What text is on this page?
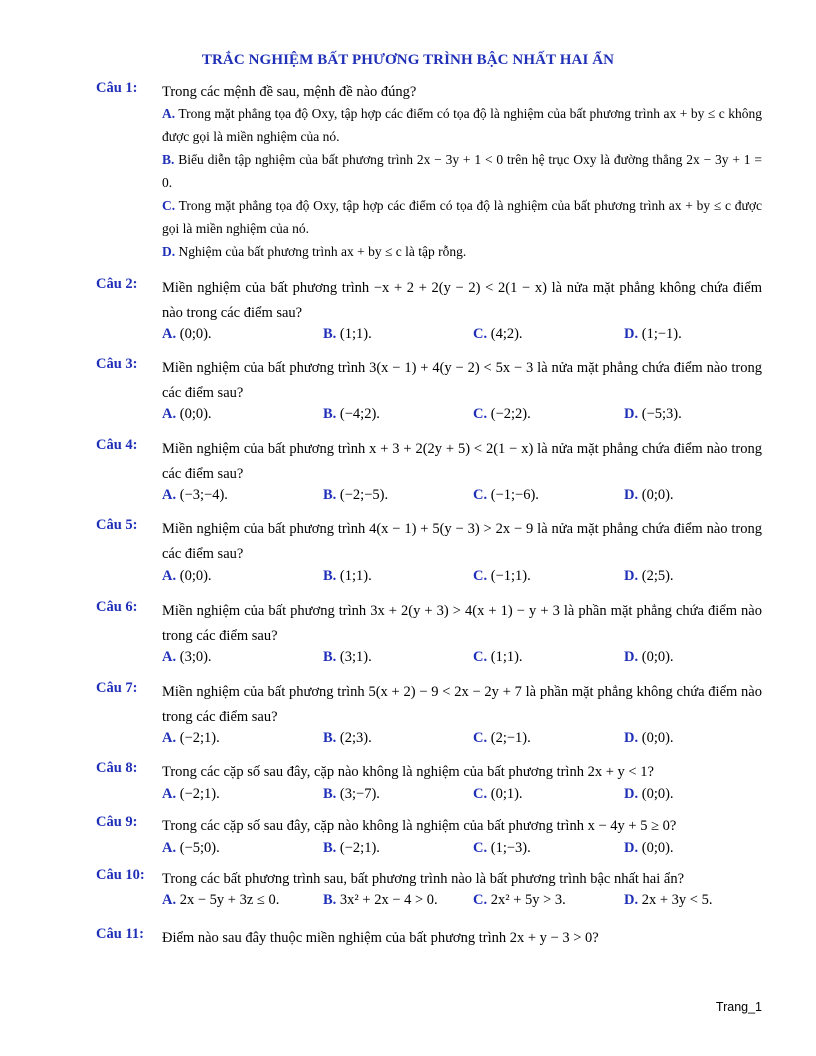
TRẮC NGHIỆM BẤT PHƯƠNG TRÌNH BẬC NHẤT HAI ẨN
Câu 1: Trong các mệnh đề sau, mệnh đề nào đúng?
A. Trong mặt phẳng tọa độ Oxy, tập hợp các điểm có tọa độ là nghiệm của bất phương trình ax + by ≤ c không được gọi là miền nghiệm của nó.
B. Biểu diễn tập nghiệm của bất phương trình 2x − 3y + 1 < 0 trên hệ trục Oxy là đường thẳng 2x − 3y + 1 = 0.
C. Trong mặt phẳng tọa độ Oxy, tập hợp các điểm có tọa độ là nghiệm của bất phương trình ax + by ≤ c được gọi là miền nghiệm của nó.
D. Nghiệm của bất phương trình ax + by ≤ c là tập rỗng.
Câu 2: Miền nghiệm của bất phương trình −x + 2 + 2(y − 2) < 2(1 − x) là nửa mặt phẳng không chứa điểm nào trong các điểm sau?
A. (0;0).	B. (1;1).	C. (4;2).	D. (1;−1).
Câu 3: Miền nghiệm của bất phương trình 3(x − 1) + 4(y − 2) < 5x − 3 là nửa mặt phẳng chứa điểm nào trong các điểm sau?
A. (0;0).	B. (−4;2).	C. (−2;2).	D. (−5;3).
Câu 4: Miền nghiệm của bất phương trình x + 3 + 2(2y + 5) < 2(1 − x) là nửa mặt phẳng chứa điểm nào trong các điểm sau?
A. (−3;−4).	B. (−2;−5).	C. (−1;−6).	D. (0;0).
Câu 5: Miền nghiệm của bất phương trình 4(x − 1) + 5(y − 3) > 2x − 9 là nửa mặt phẳng chứa điểm nào trong các điểm sau?
A. (0;0).	B. (1;1).	C. (−1;1).	D. (2;5).
Câu 6: Miền nghiệm của bất phương trình 3x + 2(y + 3) > 4(x + 1) − y + 3 là phần mặt phẳng chứa điểm nào trong các điểm sau?
A. (3;0).	B. (3;1).	C. (1;1).	D. (0;0).
Câu 7: Miền nghiệm của bất phương trình 5(x + 2) − 9 < 2x − 2y + 7 là phần mặt phẳng không chứa điểm nào trong các điểm sau?
A. (−2;1).	B. (2;3).	C. (2;−1).	D. (0;0).
Câu 8: Trong các cặp số sau đây, cặp nào không là nghiệm của bất phương trình 2x + y < 1?
A. (−2;1).	B. (3;−7).	C. (0;1).	D. (0;0).
Câu 9: Trong các cặp số sau đây, cặp nào không là nghiệm của bất phương trình x − 4y + 5 ≥ 0?
A. (−5;0).	B. (−2;1).	C. (1;−3).	D. (0;0).
Câu 10: Trong các bất phương trình sau, bất phương trình nào là bất phương trình bậc nhất hai ẩn?
A. 2x − 5y + 3z ≤ 0.	B. 3x² + 2x − 4 > 0. C. 2x² + 5y > 3.	D. 2x + 3y < 5.
Câu 11: Điểm nào sau đây thuộc miền nghiệm của bất phương trình 2x + y − 3 > 0?
Trang_1
